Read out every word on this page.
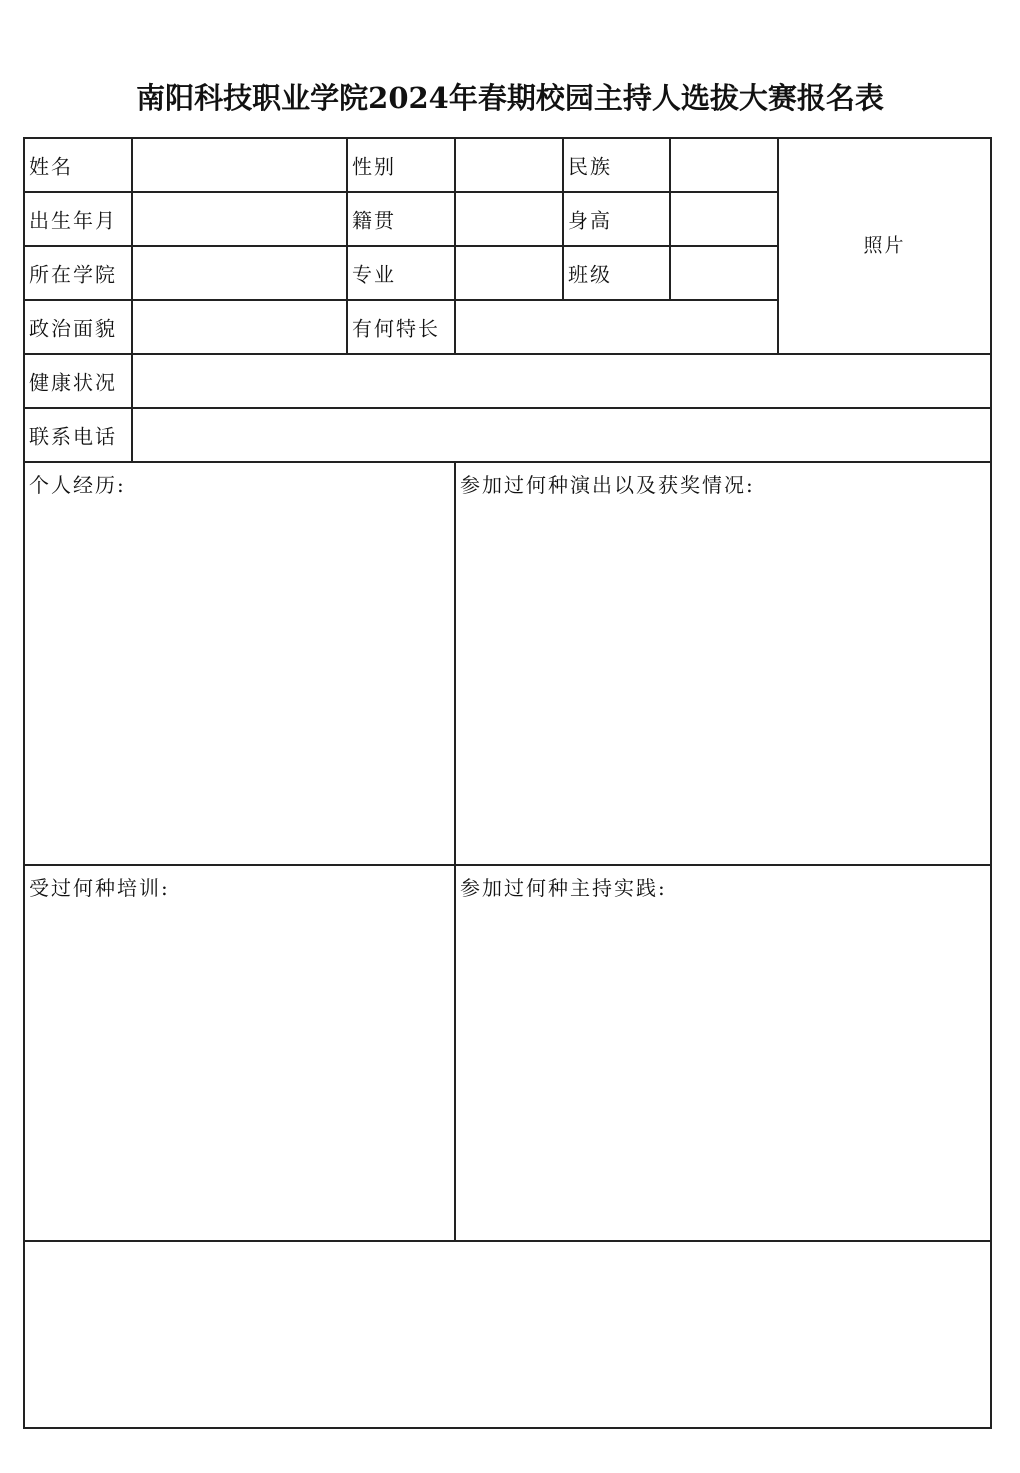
南阳科技职业学院2024年春期校园主持人选拔大赛报名表
姓名	性别	民族
出生年月	籍贯	身高
所在学院	专业	班级
政治面貌	有何特长
照片
健康状况
联系电话
个人经历:	参加过何种演出以及获奖情况:
受过何种培训:	参加过何种主持实践:
